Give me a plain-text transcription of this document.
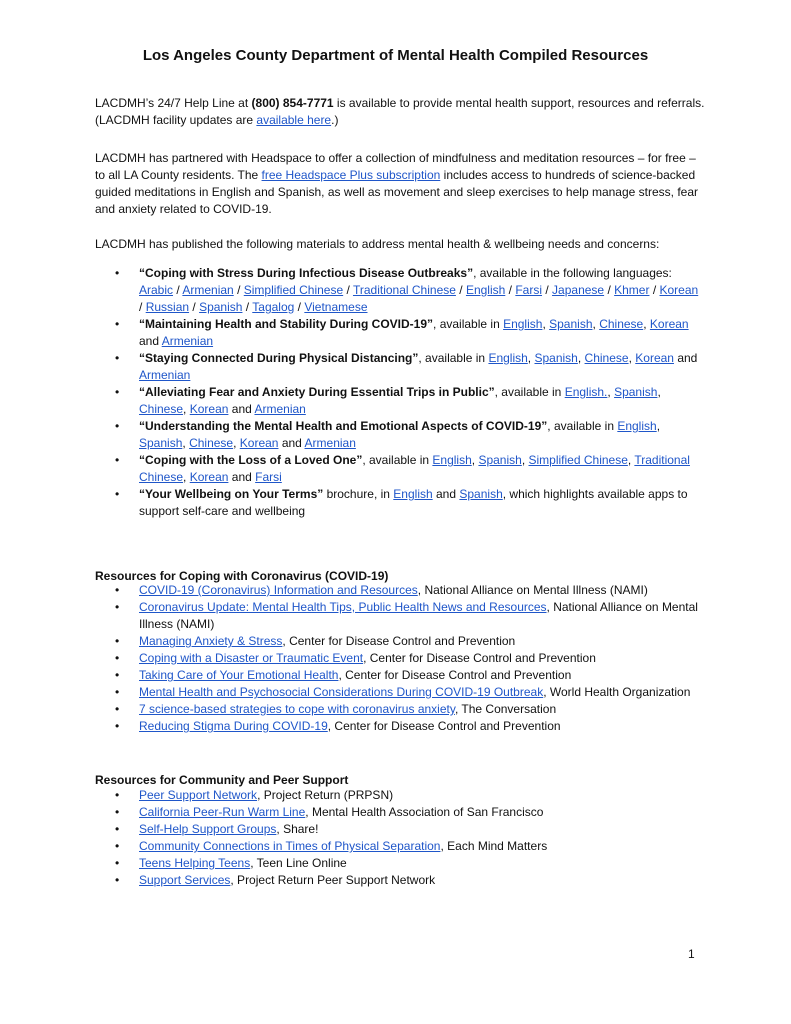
Los Angeles County Department of Mental Health Compiled Resources

LACDMH’s 24/7 Help Line at (800) 854-7771 is available to provide mental health support, resources and referrals. (LACDMH facility updates are available here.)

LACDMH has partnered with Headspace to offer a collection of mindfulness and meditation resources – for free – to all LA County residents. The free Headspace Plus subscription includes access to hundreds of science-backed guided meditations in English and Spanish, as well as movement and sleep exercises to help manage stress, fear and anxiety related to COVID-19.

LACDMH has published the following materials to address mental health & wellbeing needs and concerns:

• “Coping with Stress During Infectious Disease Outbreaks”, available in the following languages: Arabic / Armenian / Simplified Chinese / Traditional Chinese / English / Farsi / Japanese / Khmer / Korean / Russian / Spanish / Tagalog / Vietnamese
• “Maintaining Health and Stability During COVID-19”, available in English, Spanish, Chinese, Korean and Armenian
• “Staying Connected During Physical Distancing”, available in English, Spanish, Chinese, Korean and Armenian
• “Alleviating Fear and Anxiety During Essential Trips in Public”, available in English., Spanish, Chinese, Korean and Armenian
• “Understanding the Mental Health and Emotional Aspects of COVID-19”, available in English, Spanish, Chinese, Korean and Armenian
• “Coping with the Loss of a Loved One”, available in English, Spanish, Simplified Chinese, Traditional Chinese, Korean and Farsi
• “Your Wellbeing on Your Terms” brochure, in English and Spanish, which highlights available apps to support self-care and wellbeing
Resources for Coping with Coronavirus (COVID-19)
• COVID-19 (Coronavirus) Information and Resources, National Alliance on Mental Illness (NAMI)
• Coronavirus Update: Mental Health Tips, Public Health News and Resources, National Alliance on Mental Illness (NAMI)
• Managing Anxiety & Stress, Center for Disease Control and Prevention
• Coping with a Disaster or Traumatic Event, Center for Disease Control and Prevention
• Taking Care of Your Emotional Health, Center for Disease Control and Prevention
• Mental Health and Psychosocial Considerations During COVID-19 Outbreak, World Health Organization
• 7 science-based strategies to cope with coronavirus anxiety, The Conversation
• Reducing Stigma During COVID-19, Center for Disease Control and Prevention
Resources for Community and Peer Support
• Peer Support Network, Project Return (PRPSN)
• California Peer-Run Warm Line, Mental Health Association of San Francisco
• Self-Help Support Groups, Share!
• Community Connections in Times of Physical Separation, Each Mind Matters
• Teens Helping Teens, Teen Line Online
• Support Services, Project Return Peer Support Network
1
